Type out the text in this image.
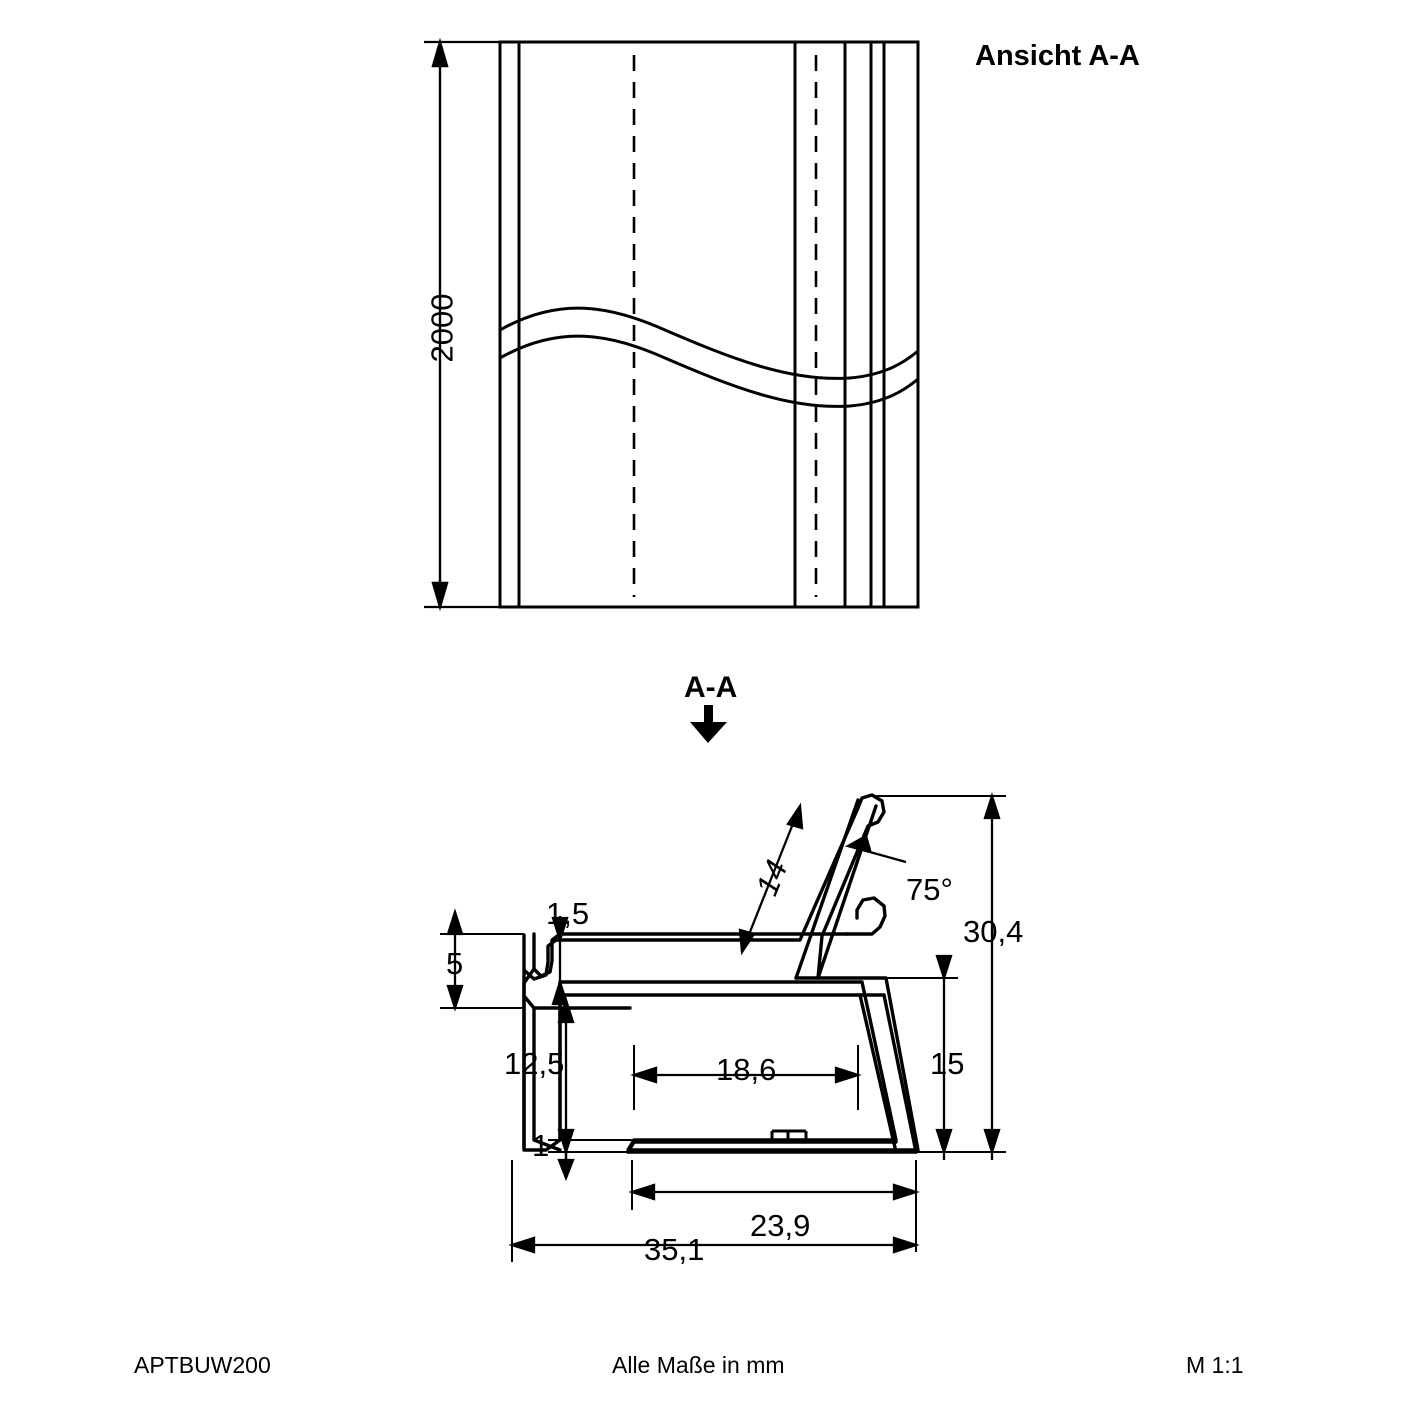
Ansicht A-A
2000
A-A
5
1,5
12,5
1
18,6
23,9
35,1
14	75°
30,4
15
APTBUW200	Alle Maße in mm	M 1:1
